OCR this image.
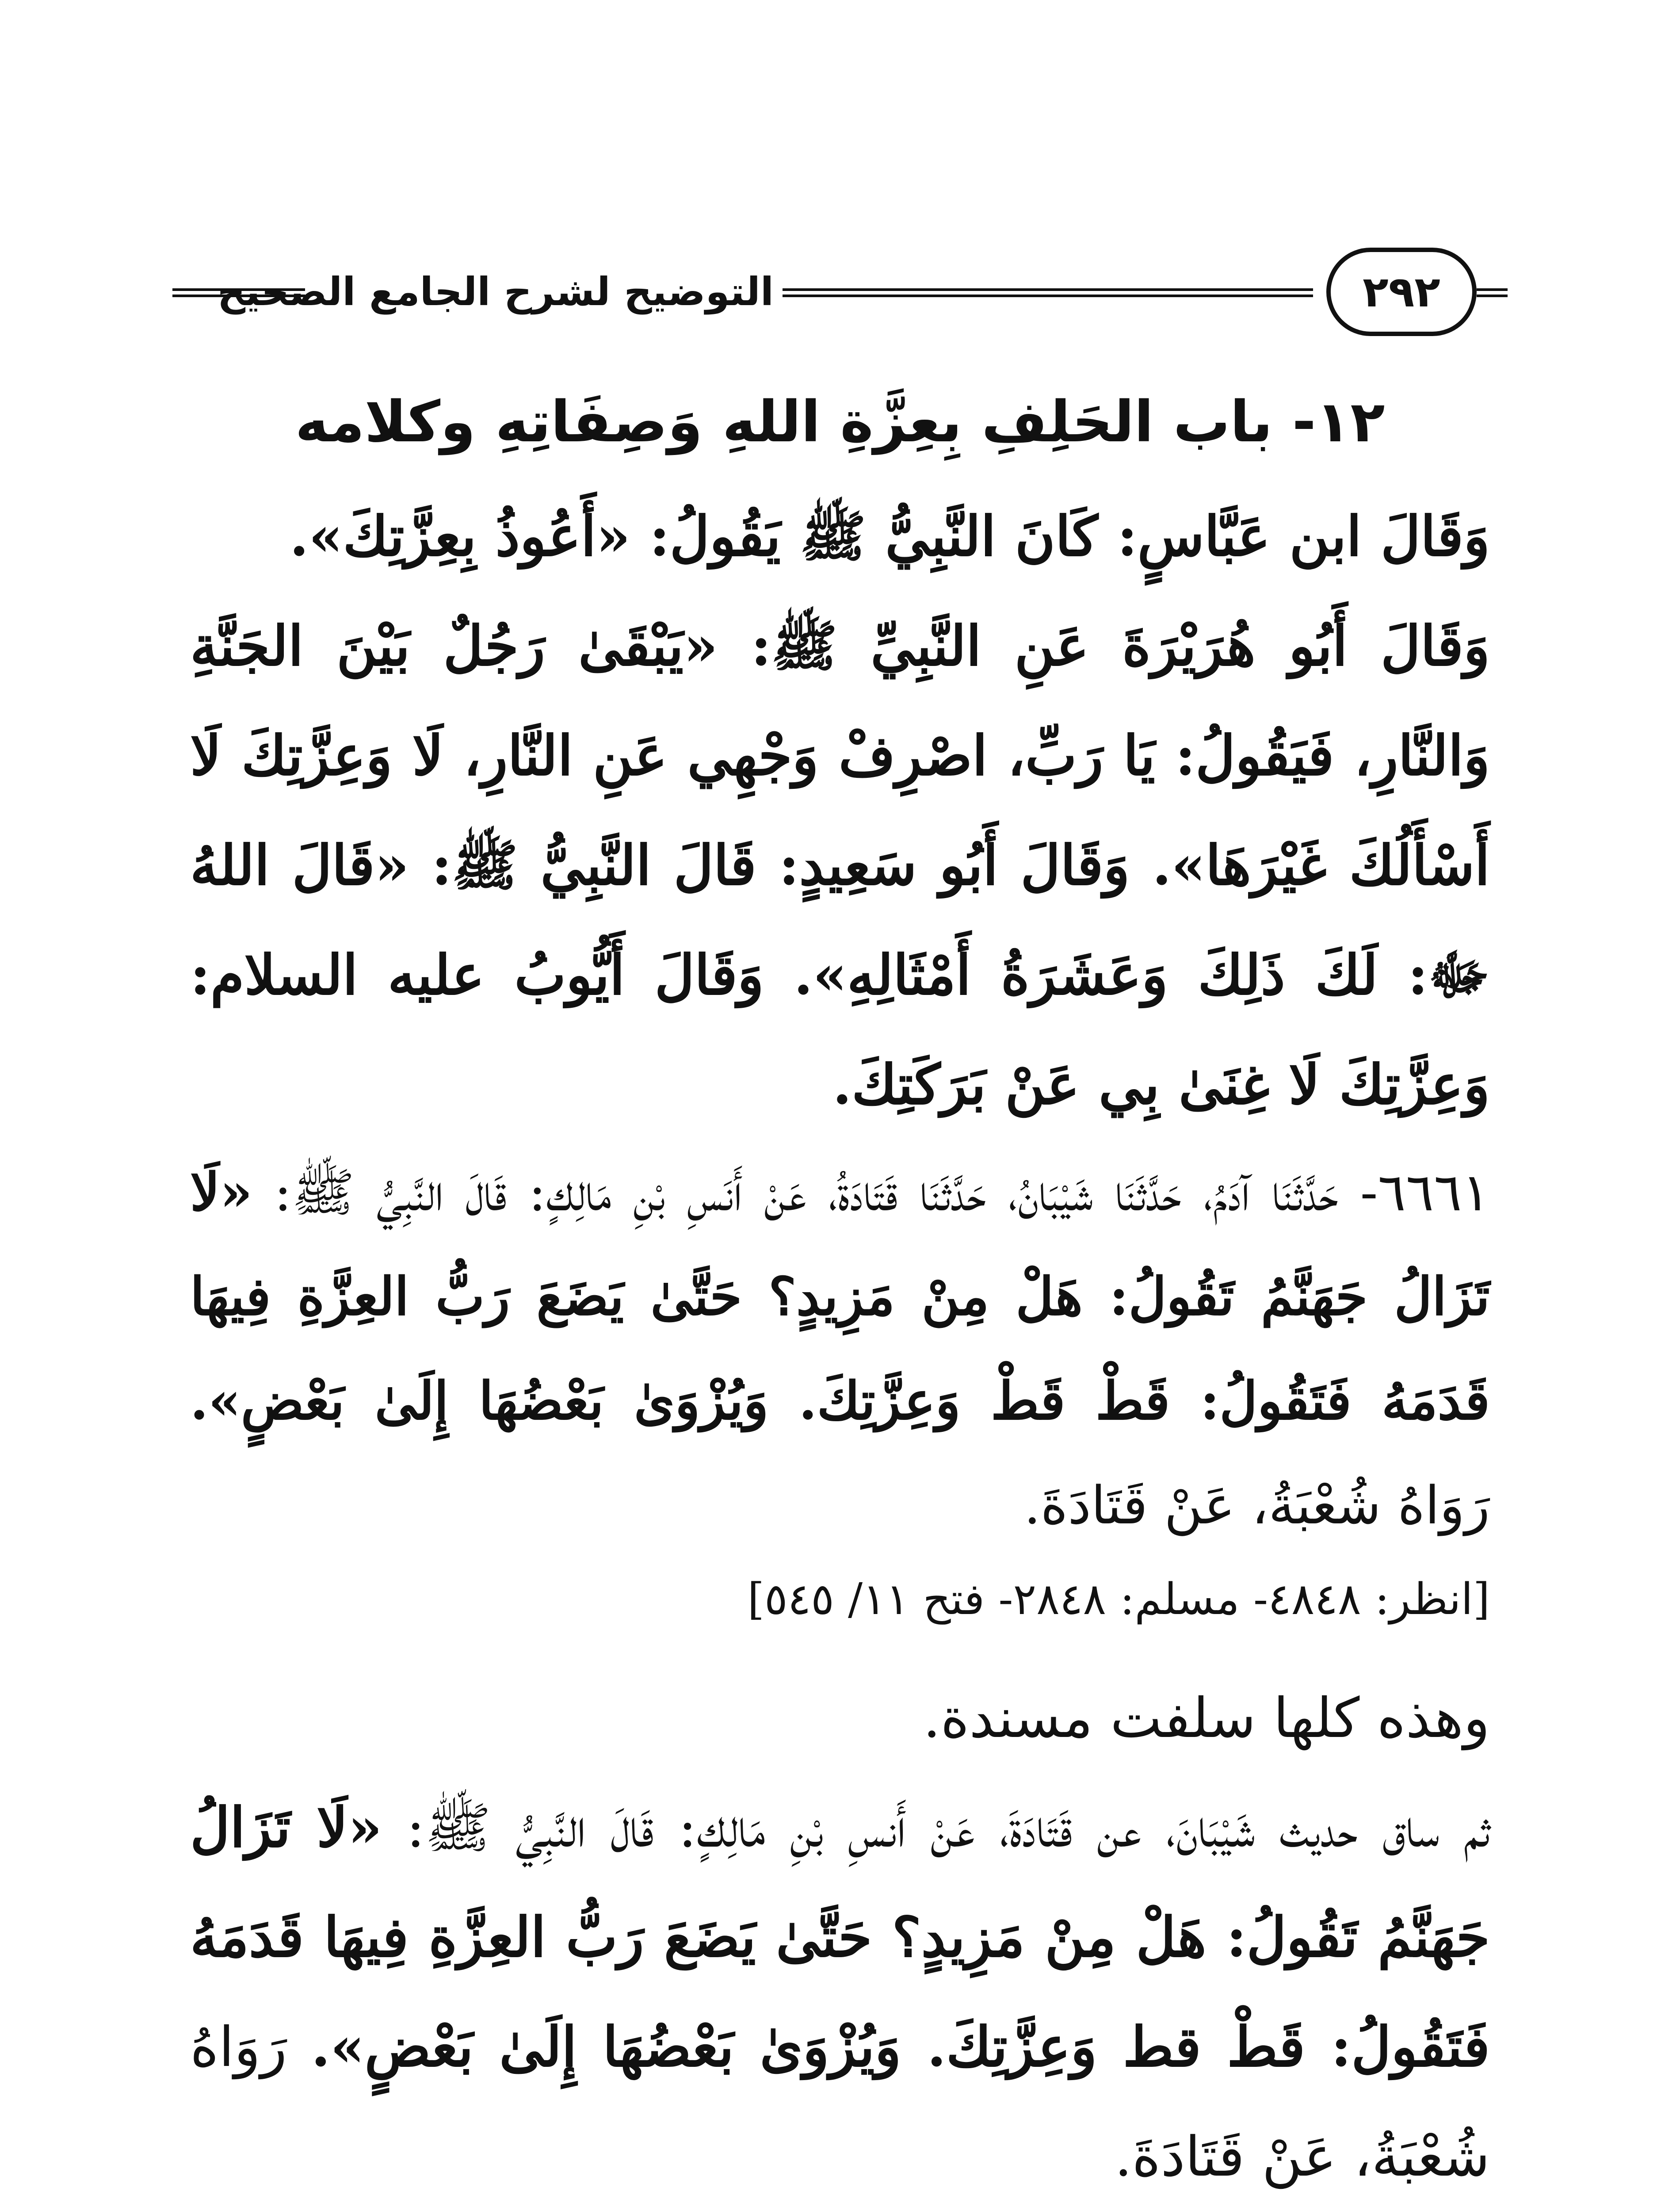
٢٩٢
التوضيح لشرح الجامع الصحيح
١٢- باب الحَلِفِ بِعِزَّةِ اللهِ وَصِفَاتِهِ وكلامه

وَقَالَ ابن عَبَّاسٍ: كَانَ النَّبِيُّ ﷺ يَقُولُ: «أَعُوذُ بِعِزَّتِكَ».

وَقَالَ أَبُو هُرَيْرَةَ عَنِ النَّبِيِّ ﷺ: «يَبْقَىٰ رَجُلٌ بَيْنَ الجَنَّةِ وَالنَّارِ، فَيَقُولُ: يَا رَبِّ، اصْرِفْ وَجْهِي عَنِ النَّارِ، لَا وَعِزَّتِكَ لَا أَسْأَلُكَ غَيْرَهَا». وَقَالَ أَبُو سَعِيدٍ: قَالَ النَّبِيُّ ﷺ: «قَالَ اللهُ ﷻ: لَكَ ذَلِكَ وَعَشَرَةُ أَمْثَالِهِ». وَقَالَ أَيُّوبُ عليه السلام: وَعِزَّتِكَ لَا غِنَىٰ بِي عَنْ بَرَكَتِكَ.

٦٦٦١- حَدَّثَنَا آدَمُ، حَدَّثَنَا شَيْبَانُ، حَدَّثَنَا قَتَادَةُ، عَنْ أَنَسِ بْنِ مَالِكٍ: قَالَ النَّبِيُّ ﷺ: «لَا تَزَالُ جَهَنَّمُ تَقُولُ: هَلْ مِنْ مَزِيدٍ؟ حَتَّىٰ يَضَعَ رَبُّ العِزَّةِ فِيهَا قَدَمَهُ فَتَقُولُ: قَطْ قَطْ وَعِزَّتِكَ. وَيُزْوَىٰ بَعْضُهَا إِلَىٰ بَعْضٍ». رَوَاهُ شُعْبَةُ، عَنْ قَتَادَةَ.

[انظر: ٤٨٤٨- مسلم: ٢٨٤٨- فتح ١١/ ٥٤٥]

وهذه كلها سلفت مسندة.

ثم ساق حديث شَيْبَانَ، عن قَتَادَةَ، عَنْ أَنسِ بْنِ مَالِكٍ: قَالَ النَّبِيُّ ﷺ: «لَا تَزَالُ جَهَنَّمُ تَقُولُ: هَلْ مِنْ مَزِيدٍ؟ حَتَّىٰ يَضَعَ رَبُّ العِزَّةِ فِيهَا قَدَمَهُ فَتَقُولُ: قَطْ قط وَعِزَّتِكَ. وَيُزْوَىٰ بَعْضُهَا إِلَىٰ بَعْضٍ». رَوَاهُ شُعْبَةُ، عَنْ قَتَادَةَ.
